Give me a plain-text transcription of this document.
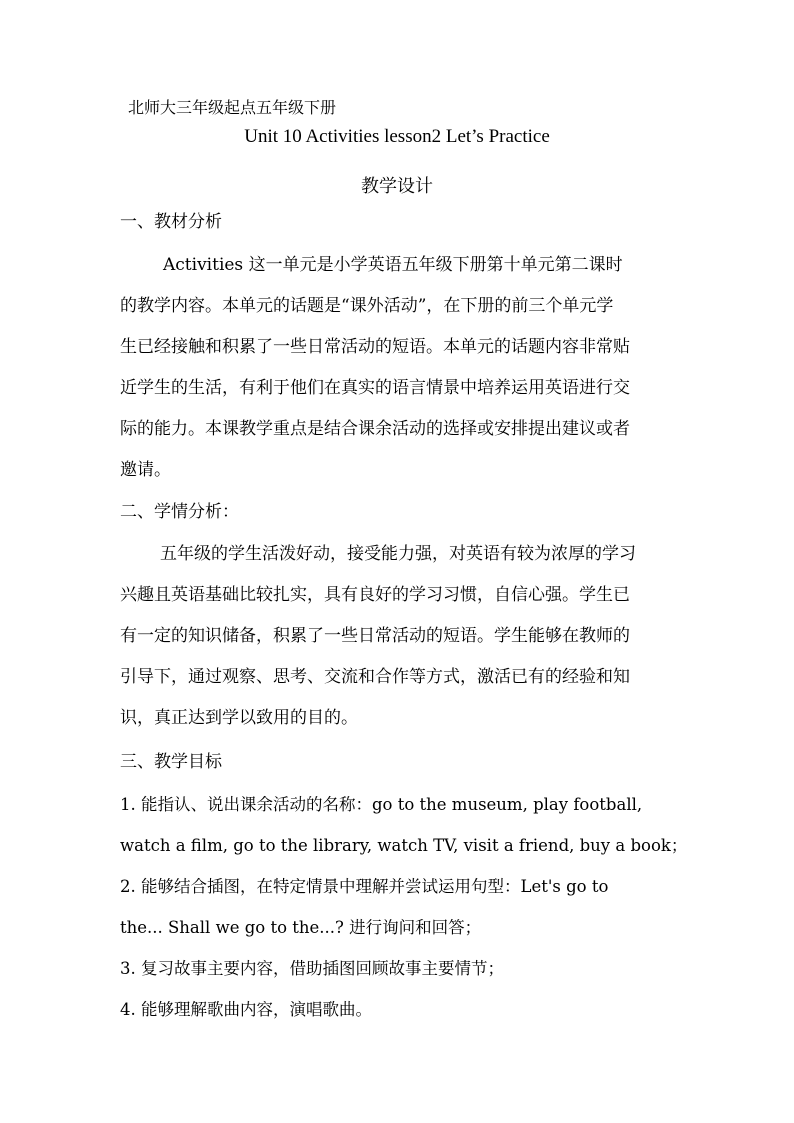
北师大三年级起点五年级下册
Unit 10 Activities lesson2 Let’s Practice
教学设计
一、教材分析
Activities 这一单元是小学英语五年级下册第十单元第二课时
的教学内容。本单元的话题是“课外活动”，在下册的前三个单元学
生已经接触和积累了一些日常活动的短语。本单元的话题内容非常贴
近学生的生活，有利于他们在真实的语言情景中培养运用英语进行交
际的能力。本课教学重点是结合课余活动的选择或安排提出建议或者
邀请。
二、学情分析：
五年级的学生活泼好动，接受能力强，对英语有较为浓厚的学习
兴趣且英语基础比较扎实，具有良好的学习习惯，自信心强。学生已
有一定的知识储备，积累了一些日常活动的短语。学生能够在教师的
引导下，通过观察、思考、交流和合作等方式，激活已有的经验和知
识，真正达到学以致用的目的。
三、教学目标
1. 能指认、说出课余活动的名称：go to the museum, play football,
watch a film, go to the library, watch TV, visit a friend, buy a book；
2. 能够结合插图，在特定情景中理解并尝试运用句型：Let's go to
the... Shall we go to the...? 进行询问和回答；
3. 复习故事主要内容，借助插图回顾故事主要情节；
4. 能够理解歌曲内容，演唱歌曲。
